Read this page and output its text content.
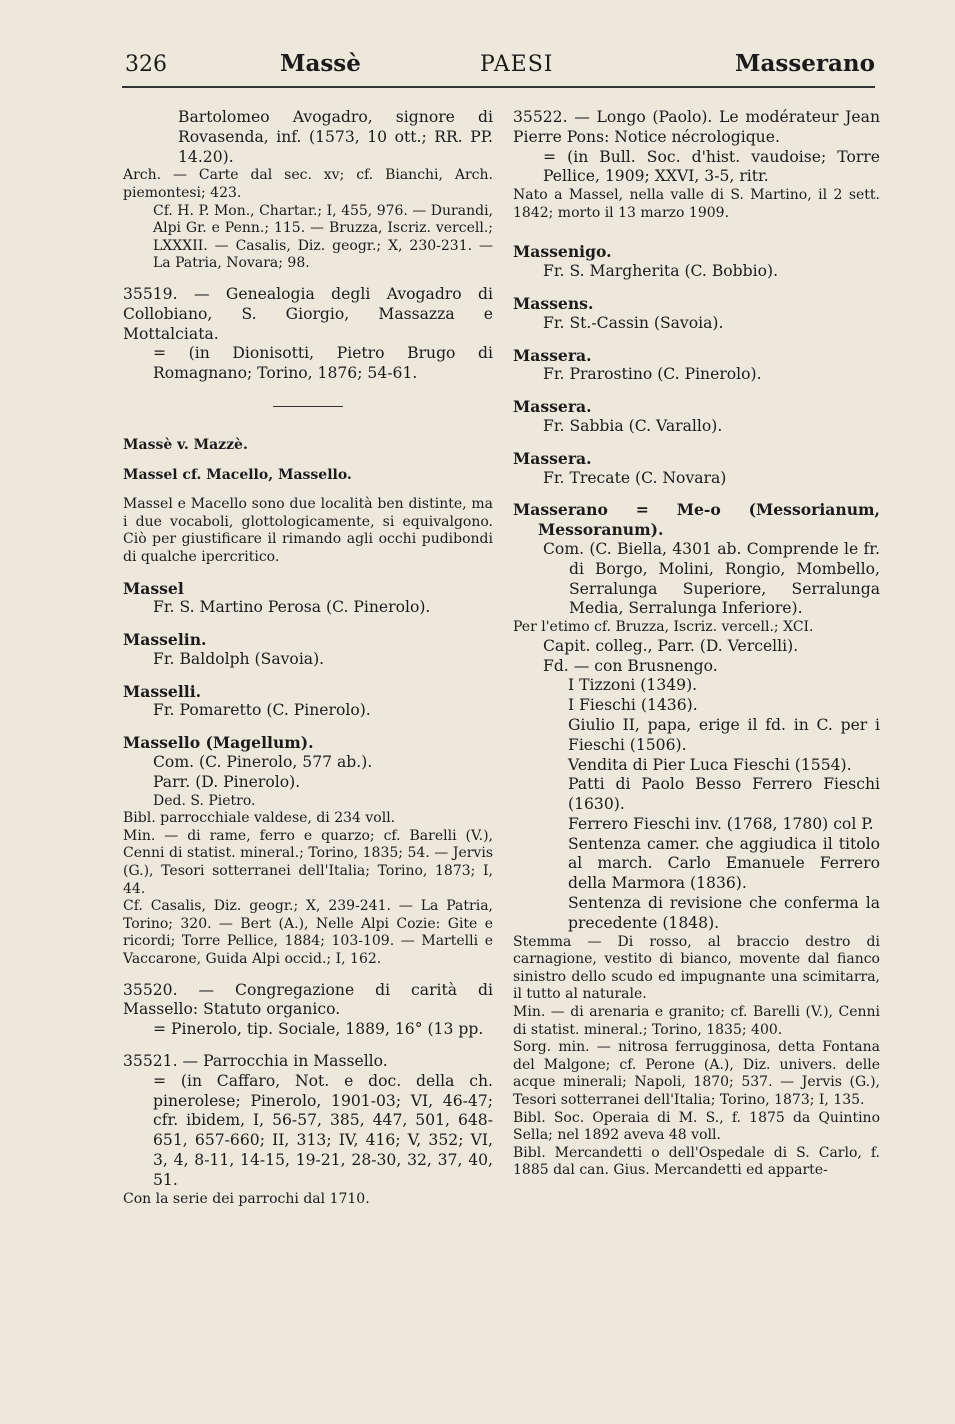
326	Massè	PAESI	Masserano

Bartolomeo Avogadro, signore di Rovasenda, inf. (1573, 10 ott.; RR. PP. 14.20).

Arch. — Carte dal sec. xv; cf. Bianchi, Arch. piemontesi; 423.

Cf. H. P. Mon., Chartar.; I, 455, 976. — Durandi, Alpi Gr. e Penn.; 115. — Bruzza, Iscriz. vercell.; LXXXII. — Casalis, Diz. geogr.; X, 230-231. — La Patria, Novara; 98.

35519. — Genealogia degli Avogadro di Collobiano, S. Giorgio, Massazza e Mottalciata.

= (in Dionisotti, Pietro Brugo di Romagnano; Torino, 1876; 54-61.

Massè v. Mazzè.

Massel cf. Macello, Massello.

Massel e Macello sono due località ben distinte, ma i due vocaboli, glottologicamente, si equivalgono. Ciò per giustificare il rimando agli occhi pudibondi di qualche ipercritico.

Massel

Fr. S. Martino Perosa (C. Pinerolo).

Masselin.

Fr. Baldolph (Savoia).

Masselli.

Fr. Pomaretto (C. Pinerolo).

Massello (Magellum).

Com. (C. Pinerolo, 577 ab.).

Parr. (D. Pinerolo).

Ded. S. Pietro.

Bibl. parrocchiale valdese, di 234 voll.

Min. — di rame, ferro e quarzo; cf. Barelli (V.), Cenni di statist. mineral.; Torino, 1835; 54. — Jervis (G.), Tesori sotterranei dell'Italia; Torino, 1873; I, 44.

Cf. Casalis, Diz. geogr.; X, 239-241. — La Patria, Torino; 320. — Bert (A.), Nelle Alpi Cozie: Gite e ricordi; Torre Pellice, 1884; 103-109. — Martelli e Vaccarone, Guida Alpi occid.; I, 162.

35520. — Congregazione di carità di Massello: Statuto organico.

= Pinerolo, tip. Sociale, 1889, 16° (13 pp.

35521. — Parrocchia in Massello.

= (in Caffaro, Not. e doc. della ch. pinerolese; Pinerolo, 1901-03; VI, 46-47; cfr. ibidem, I, 56-57, 385, 447, 501, 648-651, 657-660; II, 313; IV, 416; V, 352; VI, 3, 4, 8-11, 14-15, 19-21, 28-30, 32, 37, 40, 51.

Con la serie dei parrochi dal 1710.

35522. — Longo (Paolo). Le modérateur Jean Pierre Pons: Notice nécrologique.

= (in Bull. Soc. d'hist. vaudoise; Torre Pellice, 1909; XXVI, 3-5, ritr.

Nato a Massel, nella valle di S. Martino, il 2 sett. 1842; morto il 13 marzo 1909.

Massenigo.

Fr. S. Margherita (C. Bobbio).

Massens.

Fr. St.-Cassin (Savoia).

Massera.

Fr. Prarostino (C. Pinerolo).

Massera.

Fr. Sabbia (C. Varallo).

Massera.

Fr. Trecate (C. Novara)

Masserano = Me-o (Messorianum, Messoranum).

Com. (C. Biella, 4301 ab. Comprende le fr. di Borgo, Molini, Rongio, Mombello, Serralunga Superiore, Serralunga Media, Serralunga Inferiore).

Per l'etimo cf. Bruzza, Iscriz. vercell.; XCI.

Capit. colleg., Parr. (D. Vercelli).

Fd. — con Brusnengo.

I Tizzoni (1349).

I Fieschi (1436).

Giulio II, papa, erige il fd. in C. per i Fieschi (1506).

Vendita di Pier Luca Fieschi (1554).

Patti di Paolo Besso Ferrero Fieschi (1630).

Ferrero Fieschi inv. (1768, 1780) col P.

Sentenza camer. che aggiudica il titolo al march. Carlo Emanuele Ferrero della Marmora (1836).

Sentenza di revisione che conferma la precedente (1848).

Stemma — Di rosso, al braccio destro di carnagione, vestito di bianco, movente dal fianco sinistro dello scudo ed impugnante una scimitarra, il tutto al naturale.

Min. — di arenaria e granito; cf. Barelli (V.), Cenni di statist. mineral.; Torino, 1835; 400.

Sorg. min. — nitrosa ferrugginosa, detta Fontana del Malgone; cf. Perone (A.), Diz. univers. delle acque minerali; Napoli, 1870; 537. — Jervis (G.), Tesori sotterranei dell'Italia; Torino, 1873; I, 135.

Bibl. Soc. Operaia di M. S., f. 1875 da Quintino Sella; nel 1892 aveva 48 voll.

Bibl. Mercandetti o dell'Ospedale di S. Carlo, f. 1885 dal can. Gius. Mercandetti ed apparte-
